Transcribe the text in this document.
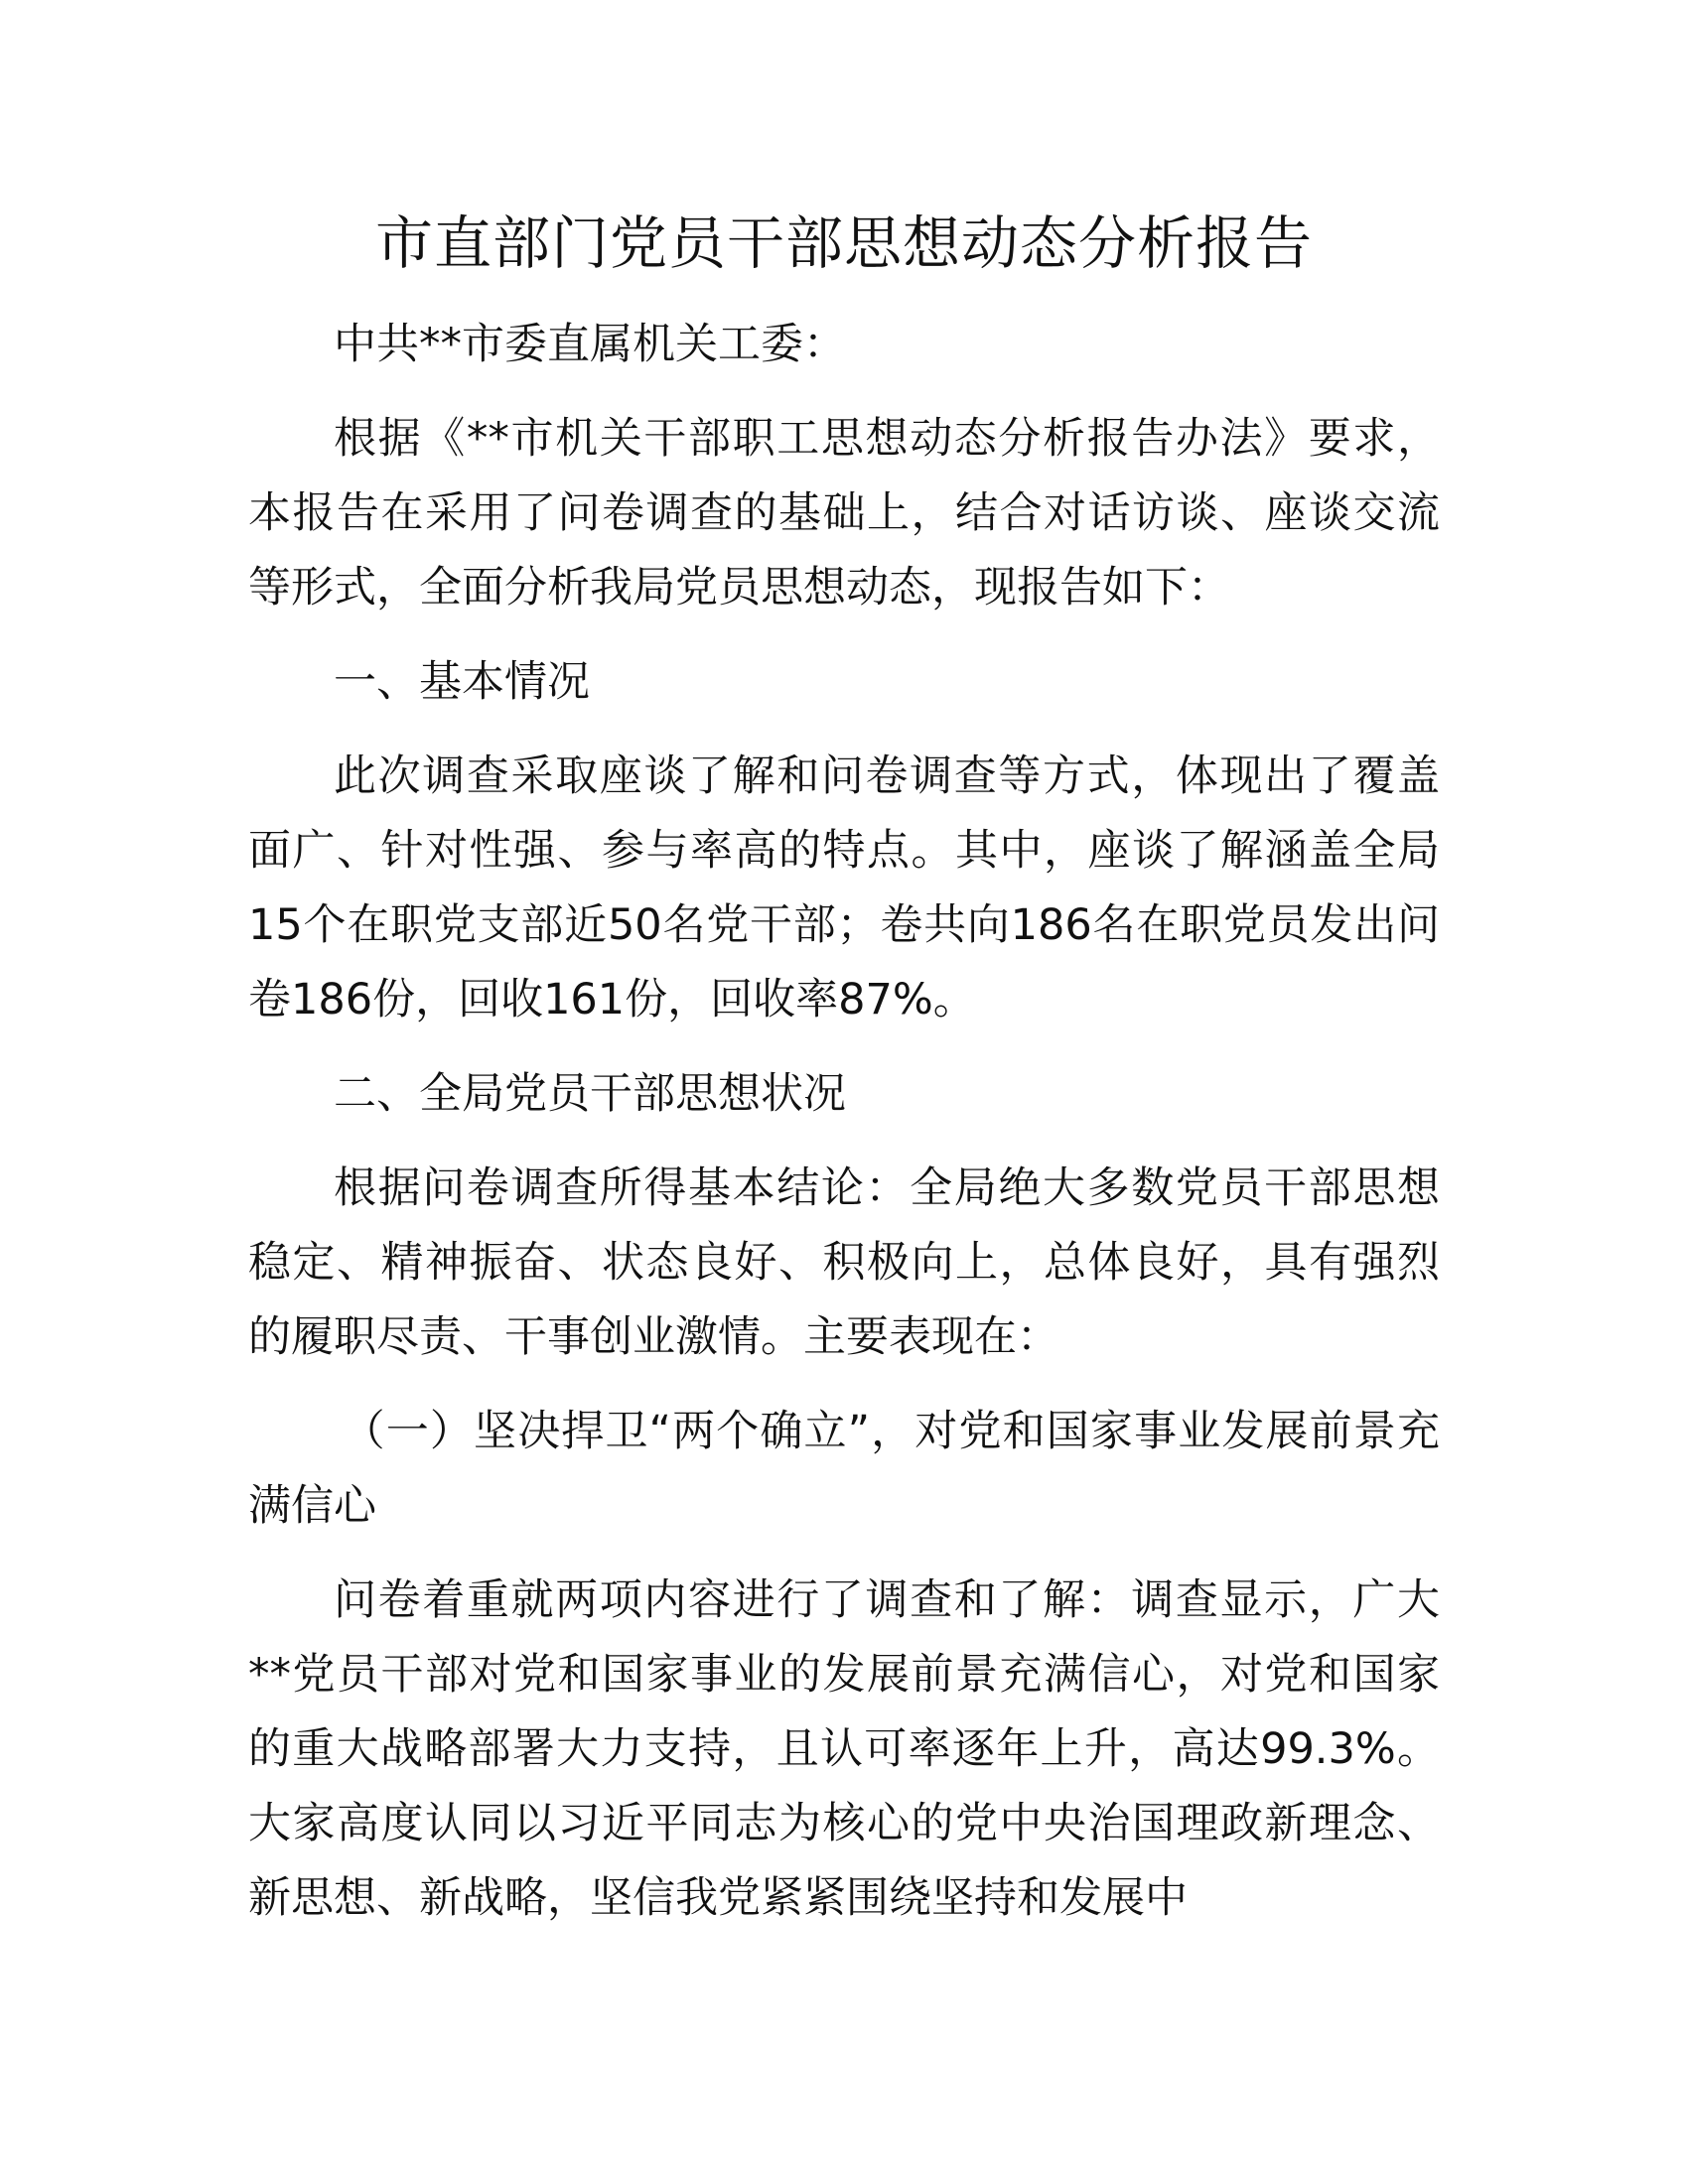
市直部门党员干部思想动态分析报告

中共**市委直属机关工委：

根据《**市机关干部职工思想动态分析报告办法》要求，本报告在采用了问卷调查的基础上，结合对话访谈、座谈交流等形式，全面分析我局党员思想动态，现报告如下：

一、基本情况

此次调查采取座谈了解和问卷调查等方式，体现出了覆盖面广、针对性强、参与率高的特点。其中，座谈了解涵盖全局15个在职党支部近50名党干部；卷共向186名在职党员发出问卷186份，回收161份，回收率87%。

二、全局党员干部思想状况

根据问卷调查所得基本结论：全局绝大多数党员干部思想稳定、精神振奋、状态良好、积极向上，总体良好，具有强烈的履职尽责、干事创业激情。主要表现在：

（一）坚决捍卫“两个确立”，对党和国家事业发展前景充满信心

问卷着重就两项内容进行了调查和了解：调查显示，广大**党员干部对党和国家事业的发展前景充满信心，对党和国家的重大战略部署大力支持，且认可率逐年上升，高达99.3%。大家高度认同以习近平同志为核心的党中央治国理政新理念、新思想、新战略，坚信我党紧紧围绕坚持和发展中
